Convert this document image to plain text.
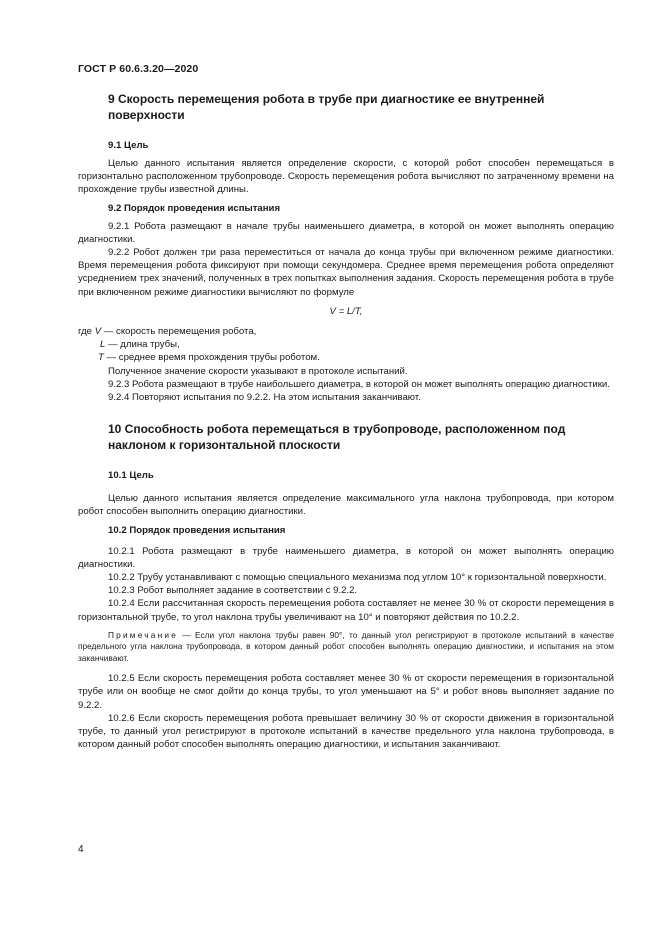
ГОСТ Р 60.6.3.20—2020
9 Скорость перемещения робота в трубе при диагностике ее внутренней поверхности
9.1 Цель

Целью данного испытания является определение скорости, с которой робот способен перемещаться в горизонтально расположенном трубопроводе. Скорость перемещения робота вычисляют по затраченному времени на прохождение трубы известной длины.

9.2 Порядок проведения испытания

9.2.1 Робота размещают в начале трубы наименьшего диаметра, в которой он может выполнять операцию диагностики.

9.2.2 Робот должен три раза переместиться от начала до конца трубы при включенном режиме диагностики. Время перемещения робота фиксируют при помощи секундомера. Среднее время перемещения робота определяют усреднением трех значений, полученных в трех попытках выполнения задания. Скорость перемещения робота в трубе при включенном режиме диагностики вычисляют по формуле

V = L/T,

где V — скорость перемещения робота,

L — длина трубы,

T — среднее время прохождения трубы роботом.

Полученное значение скорости указывают в протоколе испытаний.

9.2.3 Робота размещают в трубе наибольшего диаметра, в которой он может выполнять операцию диагностики.

9.2.4 Повторяют испытания по 9.2.2. На этом испытания заканчивают.

10 Способность робота перемещаться в трубопроводе, расположенном под наклоном к горизонтальной плоскости
10.1 Цель

Целью данного испытания является определение максимального угла наклона трубопровода, при котором робот способен выполнить операцию диагностики.

10.2 Порядок проведения испытания

10.2.1 Робота размещают в трубе наименьшего диаметра, в которой он может выполнять операцию диагностики.

10.2.2 Трубу устанавливают с помощью специального механизма под углом 10° к горизонтальной поверхности.

10.2.3 Робот выполняет задание в соответствии с 9.2.2.

10.2.4 Если рассчитанная скорость перемещения робота составляет не менее 30 % от скорости перемещения в горизонтальной трубе, то угол наклона трубы увеличивают на 10° и повторяют действия по 10.2.2.

Примечание — Если угол наклона трубы равен 90°, то данный угол регистрируют в протоколе испытаний в качестве предельного угла наклона трубопровода, в котором данный робот способен выполнять операцию диагностики, и испытания на этом заканчивают.

10.2.5 Если скорость перемещения робота составляет менее 30 % от скорости перемещения в горизонтальной трубе или он вообще не смог дойти до конца трубы, то угол уменьшают на 5° и робот вновь выполняет задание по 9.2.2.

10.2.6 Если скорость перемещения робота превышает величину 30 % от скорости движения в горизонтальной трубе, то данный угол регистрируют в протоколе испытаний в качестве предельного угла наклона трубопровода, в котором данный робот способен выполнять операцию диагностики, и испытания заканчивают.

4
